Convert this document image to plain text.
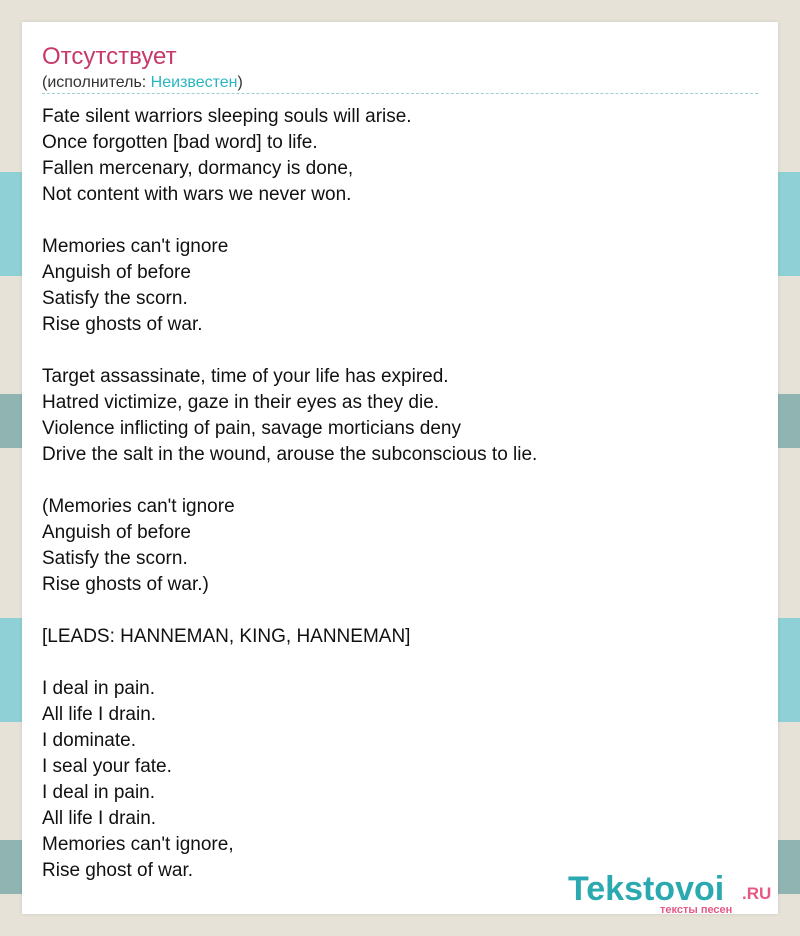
Отсутствует
(исполнитель: Неизвестен)
Fate silent warriors sleeping souls will arise.
Once forgotten [bad word] to life.
Fallen mercenary, dormancy is done,
Not content with wars we never won.

Memories can't ignore
Anguish of before
Satisfy the scorn.
Rise ghosts of war.

Target assassinate, time of your life has expired.
Hatred victimize, gaze in their eyes as they die.
Violence inflicting of pain, savage morticians deny
Drive the salt in the wound, arouse the subconscious to lie.

(Memories can't ignore
Anguish of before
Satisfy the scorn.
Rise ghosts of war.)

[LEADS: HANNEMAN, KING, HANNEMAN]

I deal in pain.
All life I drain.
I dominate.
I seal your fate.
I deal in pain.
All life I drain.
Memories can't ignore,
Rise ghost of war.	Tekstovoi .RU
тексты песен
